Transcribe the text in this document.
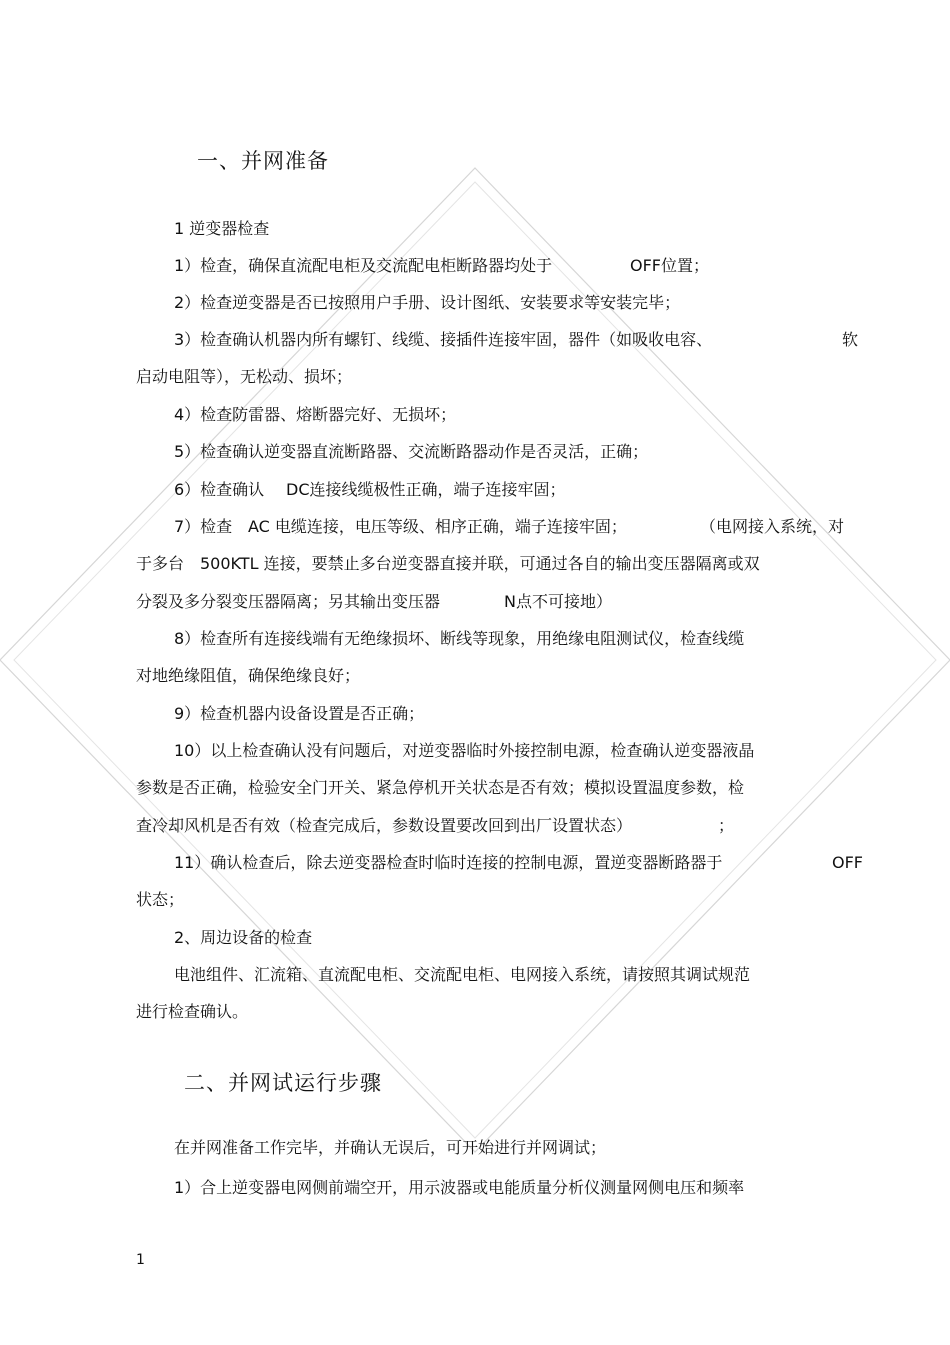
一、并网准备
1 逆变器检查
1）检查，确保直流配电柜及交流配电柜断路器均处于	OFF位置；
2）检查逆变器是否已按照用户手册、设计图纸、安装要求等安装完毕；
3）检查确认机器内所有螺钉、线缆、接插件连接牢固，器件（如吸收电容、	软
启动电阻等），无松动、损坏；
4）检查防雷器、熔断器完好、无损坏；
5）检查确认逆变器直流断路器、交流断路器动作是否灵活，正确；
6）检查确认 DC连接线缆极性正确，端子连接牢固；
7）检查 AC 电缆连接，电压等级、相序正确，端子连接牢固；	（电网接入系统，对
于多台 500KTL 连接，要禁止多台逆变器直接并联，可通过各自的输出变压器隔离或双
分裂及多分裂变压器隔离；另其输出变压器	N点不可接地）
8）检查所有连接线端有无绝缘损坏、断线等现象，用绝缘电阻测试仪，检查线缆
对地绝缘阻值，确保绝缘良好；
9）检查机器内设备设置是否正确；
10）以上检查确认没有问题后，对逆变器临时外接控制电源，检查确认逆变器液晶
参数是否正确，检验安全门开关、紧急停机开关状态是否有效；模拟设置温度参数，检
查冷却风机是否有效（检查完成后，参数设置要改回到出厂设置状态）	；
11）确认检查后，除去逆变器检查时临时连接的控制电源，置逆变器断路器于	OFF
状态；
2、周边设备的检查
电池组件、汇流箱、直流配电柜、交流配电柜、电网接入系统，请按照其调试规范
进行检查确认。
二、并网试运行步骤
在并网准备工作完毕，并确认无误后，可开始进行并网调试；
1）合上逆变器电网侧前端空开，用示波器或电能质量分析仪测量网侧电压和频率
1
